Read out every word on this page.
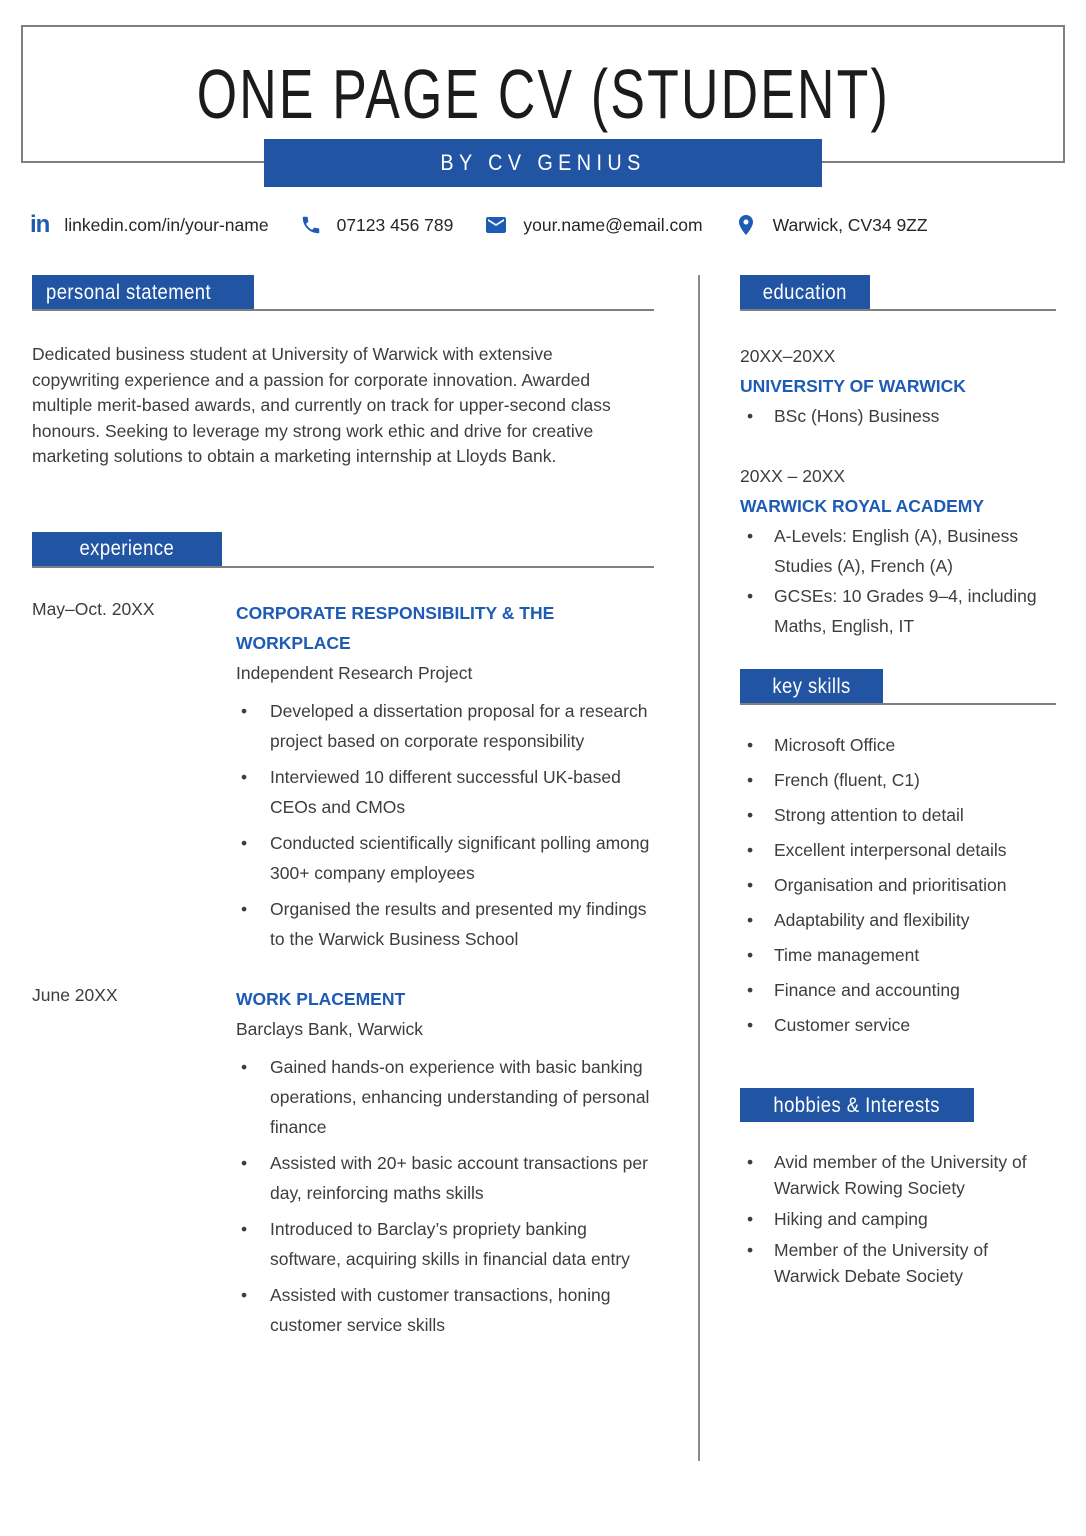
ONE PAGE CV (STUDENT)
BY CV GENIUS
in linkedin.com/in/your-name	07123 456 789	your.name@email.com	Warwick, CV34 9ZZ
personal statement

Dedicated business student at University of Warwick with extensive copywriting experience and a passion for corporate innovation. Awarded multiple merit-based awards, and currently on track for upper-second class honours. Seeking to leverage my strong work ethic and drive for creative marketing solutions to obtain a marketing internship at Lloyds Bank.

experience
May–Oct. 20XX	CORPORATE RESPONSIBILITY & THE WORKPLACE
Independent Research Project
• Developed a dissertation proposal for a research project based on corporate responsibility
• Interviewed 10 different successful UK-based CEOs and CMOs
• Conducted scientifically significant polling among 300+ company employees
• Organised the results and presented my findings to the Warwick Business School
June 20XX	WORK PLACEMENT
Barclays Bank, Warwick
• Gained hands-on experience with basic banking operations, enhancing understanding of personal finance
• Assisted with 20+ basic account transactions per day, reinforcing maths skills
• Introduced to Barclay’s propriety banking software, acquiring skills in financial data entry
• Assisted with customer transactions, honing customer service skills
education
20XX–20XX
UNIVERSITY OF WARWICK
• BSc (Hons) Business
20XX – 20XX
WARWICK ROYAL ACADEMY
• A-Levels: English (A), Business Studies (A), French (A)
• GCSEs: 10 Grades 9–4, including Maths, English, IT
key skills
• Microsoft Office
• French (fluent, C1)
• Strong attention to detail
• Excellent interpersonal details
• Organisation and prioritisation
• Adaptability and flexibility
• Time management
• Finance and accounting
• Customer service
hobbies & Interests
• Avid member of the University of Warwick Rowing Society
• Hiking and camping
• Member of the University of Warwick Debate Society
